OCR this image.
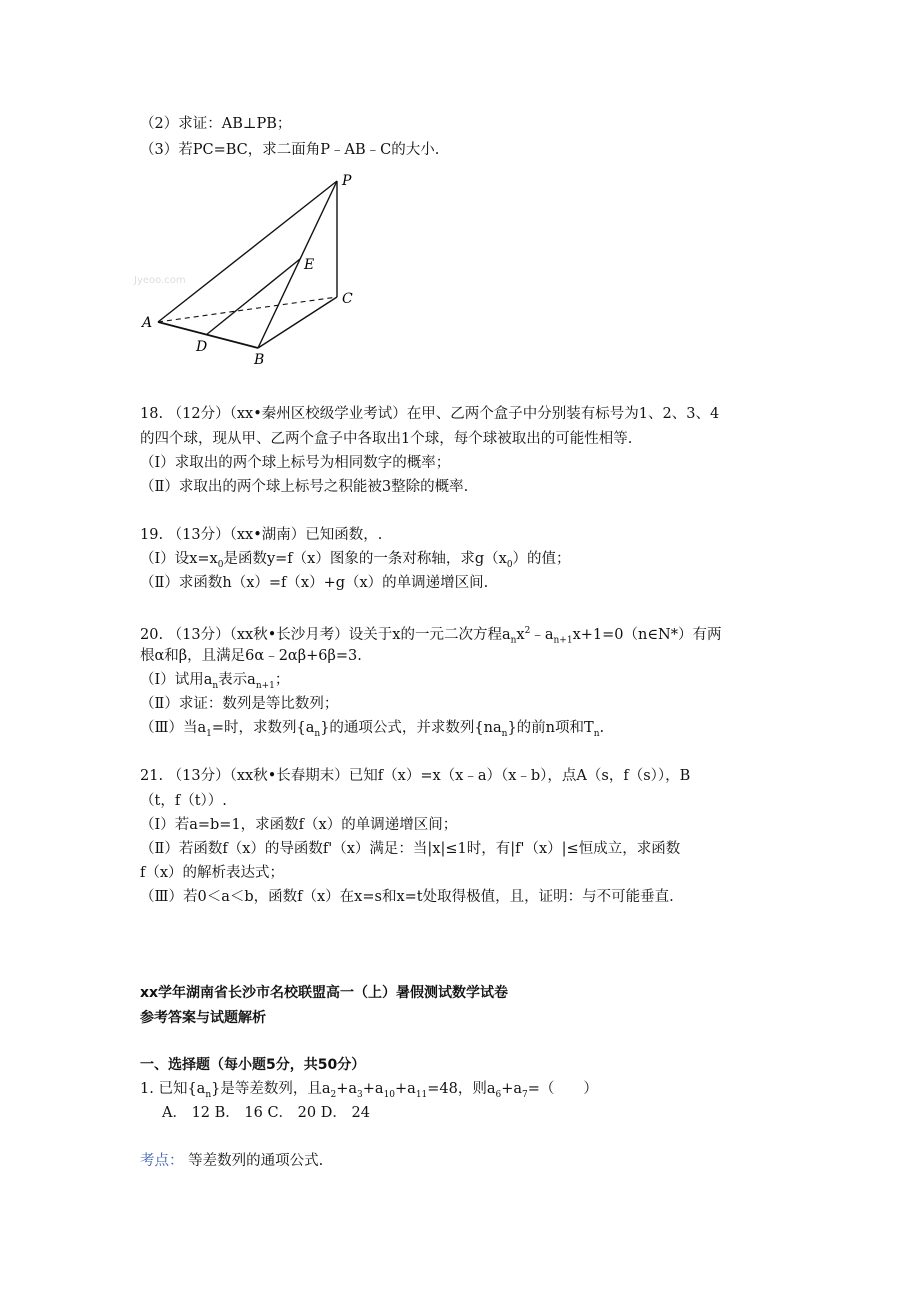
（2）求证：AB⊥PB；
（3）若PC=BC，求二面角P﹣AB﹣C的大小.
Jyeoo.com
P
E
C
A
D
B
18. （12分）（xx•秦州区校级学业考试）在甲、乙两个盒子中分别装有标号为1、2、3、4
的四个球，现从甲、乙两个盒子中各取出1个球，每个球被取出的可能性相等.
（Ⅰ）求取出的两个球上标号为相同数字的概率；
（Ⅱ）求取出的两个球上标号之积能被3整除的概率.
19. （13分）（xx•湖南）已知函数，.
（Ⅰ）设$x=x_0$是函数y=f（x）图象的一条对称轴，求$g(x_0)$的值；
（Ⅱ）求函数h（x）=f（x）+g（x）的单调递增区间.
20. （13分）（xx秋•长沙月考）设关于x的一元二次方程$a_nx^2﹣a_{n+1}x+1=0(n\in N*)$有两
根α和β，且满足6α﹣2αβ+6β=3.
（Ⅰ）试用$a_n$表示$a_{n+1}$；
（Ⅱ）求证：数列是等比数列；
（Ⅲ）当$a_1=$时，求数列$\{a_n\}$的通项公式，并求数列$\{na_n\}$的前n项和$T_n$.
21. （13分）（xx秋•长春期末）已知f（x）=x（x﹣a）（x﹣b），点A（s，f（s）），B
（t，f（t））.
（Ⅰ）若a=b=1，求函数f（x）的单调递增区间；
（Ⅱ）若函数f（x）的导函数f'（x）满足：当|x|≤1时，有|f'（x）|≤恒成立，求函数
f（x）的解析表达式；
（Ⅲ）若0＜a＜b，函数f（x）在x=s和x=t处取得极值，且，证明：与不可能垂直.
xx学年湖南省长沙市名校联盟高一（上）暑假测试数学试卷
参考答案与试题解析
一、选择题（每小题5分，共50分）
1. 已知$\{a_n\}$是等差数列，且$a_2+a_3+a_{10}+a_{11}=48$，则$a_6+a_7=$（　　）
A． 12 B． 16 C． 20 D． 24
考点： 等差数列的通项公式.
